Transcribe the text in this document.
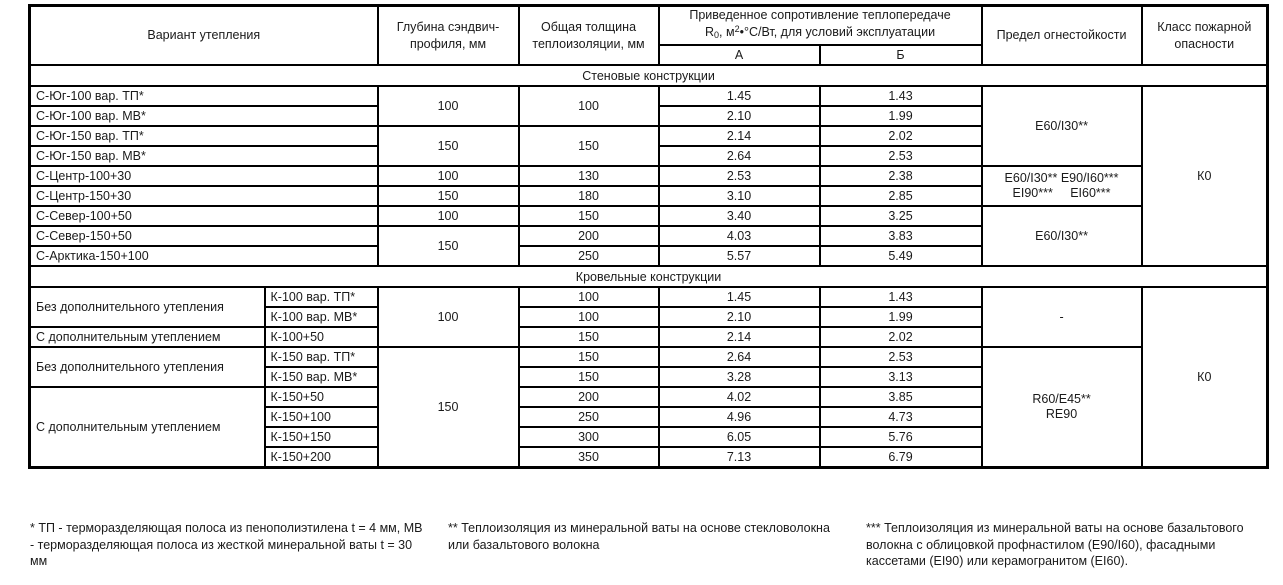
Вариант утепления		Глубина сэндвич-профиля, мм	Общая толщина теплоизоляции, мм	Приведенное сопротивление теплопередаче
$R_0$, $м^2•^\circ С/Вт$, для условий эксплуатации		Предел огнестойкости	Класс пожарной опасности
				А	Б		
Стеновые конструкции							
С-Юг-100 вар. ТП*		100	100	1.45	1.43	E60/I30**	К0
С-Юг-100 вар. МВ*				2.10	1.99		
С-Юг-150 вар. ТП*		150	150	2.14	2.02		
С-Юг-150 вар. МВ*				2.64	2.53		
С-Центр-100+30		100	130	2.53	2.38	E60/I30** E90/I60***
EI90***     EI60***	
С-Центр-150+30		150	180	3.10	2.85		
С-Север-100+50		100	150	3.40	3.25	E60/I30**	
С-Север-150+50		150	200	4.03	3.83		
С-Арктика-150+100			250	5.57	5.49		
Кровельные конструкции							
Без дополнительного утепления	К-100 вар. ТП*	100	100	1.45	1.43	-	К0
	К-100 вар. МВ*		100	2.10	1.99		
С дополнительным утеплением	К-100+50		150	2.14	2.02		
Без дополнительного утепления	К-150 вар. ТП*	150	150	2.64	2.53	R60/E45**
RE90	
	К-150 вар. МВ*		150	3.28	3.13		
С дополнительным утеплением	К-150+50		200	4.02	3.85		
	К-150+100		250	4.96	4.73		
	К-150+150		300	6.05	5.76		
	К-150+200		350	7.13	6.79		

* ТП - терморазделяющая полоса из пенополиэтилена t = 4 мм, МВ - терморазделяющая полоса из жесткой минеральной ваты t = 30 мм

** Теплоизоляция из минеральной ваты на основе стекловолокна или базальтового волокна

*** Теплоизоляция из минеральной ваты на основе базальтового волокна с облицовкой профнастилом (E90/I60), фасадными кассетами (EI90) или керамогранитом (EI60).
